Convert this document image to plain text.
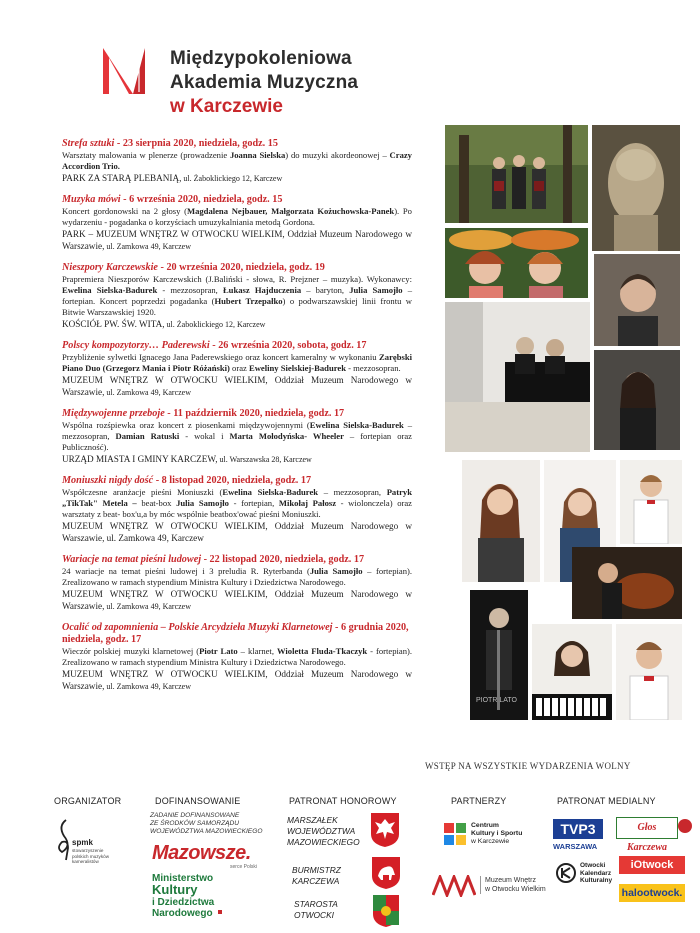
Międzypokoleniowa
Akademia Muzyczna
w Karczewie
Strefa sztuki - 23 sierpnia 2020, niedziela, godz. 15
Warsztaty malowania w plenerze (prowadzenie Joanna Sielska) do muzyki akordeonowej – Crazy Accordion Trio.
PARK ZA STARĄ PLEBANIĄ, ul. Żaboklickiego 12, Karczew
Muzyka mówi - 6 września 2020, niedziela, godz. 15
Koncert gordonowski na 2 głosy (Magdalena Nejbauer, Małgorzata Kożuchowska-Panek). Po wydarzeniu - pogadanka o korzyściach umuzykalniania metodą Gordona.
PARK – MUZEUM WNĘTRZ W OTWOCKU WIELKIM, Oddział Muzeum Narodowego w Warszawie, ul. Zamkowa 49, Karczew
Nieszpory Karczewskie - 20 września 2020, niedziela, godz. 19
Prapremiera Nieszporów Karczewskich (J.Baliński - słowa, R. Prejzner – muzyka). Wykonawcy: Ewelina Sielska-Badurek - mezzosopran, Łukasz Hajduczenia – baryton, Julia Samojło – fortepian. Koncert poprzedzi pogadanka (Hubert Trzepałko) o podwarszawskiej linii frontu w Bitwie Warszawskiej 1920.
KOŚCIÓŁ PW. ŚW. WITA, ul. Żaboklickiego 12, Karczew
Polscy kompozytorzy… Paderewski - 26 września 2020, sobota, godz. 17
Przybliżenie sylwetki Ignacego Jana Paderewskiego oraz koncert kameralny w wykonaniu Zarębski Piano Duo (Grzegorz Mania i Piotr Różański) oraz Eweliny Sielskiej-Badurek - mezzosopran.
MUZEUM WNĘTRZ W OTWOCKU WIELKIM, Oddział Muzeum Narodowego w Warszawie, ul. Zamkowa 49, Karczew
Międzywojenne przeboje - 11 październik 2020, niedziela, godz. 17
Wspólna rozśpiewka oraz koncert z piosenkami międzywojennymi (Ewelina Sielska-Badurek – mezzosopran, Damian Ratuski - wokal i Marta Mołodyńska- Wheeler – fortepian oraz Publiczność).
URZĄD MIASTA I GMINY KARCZEW, ul. Warszawska 28, Karczew
Moniuszki nigdy dość - 8 listopad 2020, niedziela, godz. 17
Współczesne aranżacje pieśni Moniuszki (Ewelina Sielska-Badurek – mezzosopran, Patryk „TikTak" Metela – beat-box Julia Samojło - fortepian, Mikołaj Pałosz - wiolonczela) oraz warsztaty z beat- box'u,a by móc wspólnie beatbox'ować pieśni Moniuszki.
MUZEUM WNĘTRZ W OTWOCKU WIELKIM, Oddział Muzeum Narodowego w Warszawie, ul. Zamkowa 49, Karczew
Wariacje na temat pieśni ludowej - 22 listopad 2020, niedziela, godz. 17
24 wariacje na temat pieśni ludowej i 3 preludia R. Ryterbanda (Julia Samojło – fortepian). Zrealizowano w ramach stypendium Ministra Kultury i Dziedzictwa Narodowego.
MUZEUM WNĘTRZ W OTWOCKU WIELKIM, Oddział Muzeum Narodowego w Warszawie, ul. Zamkowa 49, Karczew
Ocalić od zapomnienia – Polskie Arcydzieła Muzyki Klarnetowej - 6 grudnia 2020, niedziela, godz. 17
Wieczór polskiej muzyki klarnetowej (Piotr Lato – klarnet, Wioletta Fluda-Tkaczyk - fortepian). Zrealizowano w ramach stypendium Ministra Kultury i Dziedzictwa Narodowego.
MUZEUM WNĘTRZ W OTWOCKU WIELKIM, Oddział Muzeum Narodowego w Warszawie, ul. Zamkowa 49, Karczew
PIOTR LATO
WSTĘP NA WSZYSTKIE WYDARZENIA WOLNY
ORGANIZATOR
spmk
stowarzyszenie polskich muzyków kameralistów
DOFINANSOWANIE
ZADANIE DOFINANSOWANE
ZE ŚRODKÓW SAMORZĄDU
WOJEWÓDZTWA MAZOWIECKIEGO
Mazowsze.
serce Polski
Ministerstwo
Kultury
i Dziedzictwa
Narodowego
PATRONAT HONOROWY
MARSZAŁEK
WOJEWÓDZTWA
MAZOWIECKIEGO
BURMISTRZ
KARCZEWA
STAROSTA
OTWOCKI
PARTNERZY
Centrum
Kultury i Sportu
w Karczewie
Muzeum Wnętrz
w Otwocku Wielkim
PATRONAT MEDIALNY
TVP3
WARSZAWA
Głos Karczewa
Otwocki
Kalendarz
Kulturalny
iOtwock
halootwock.
